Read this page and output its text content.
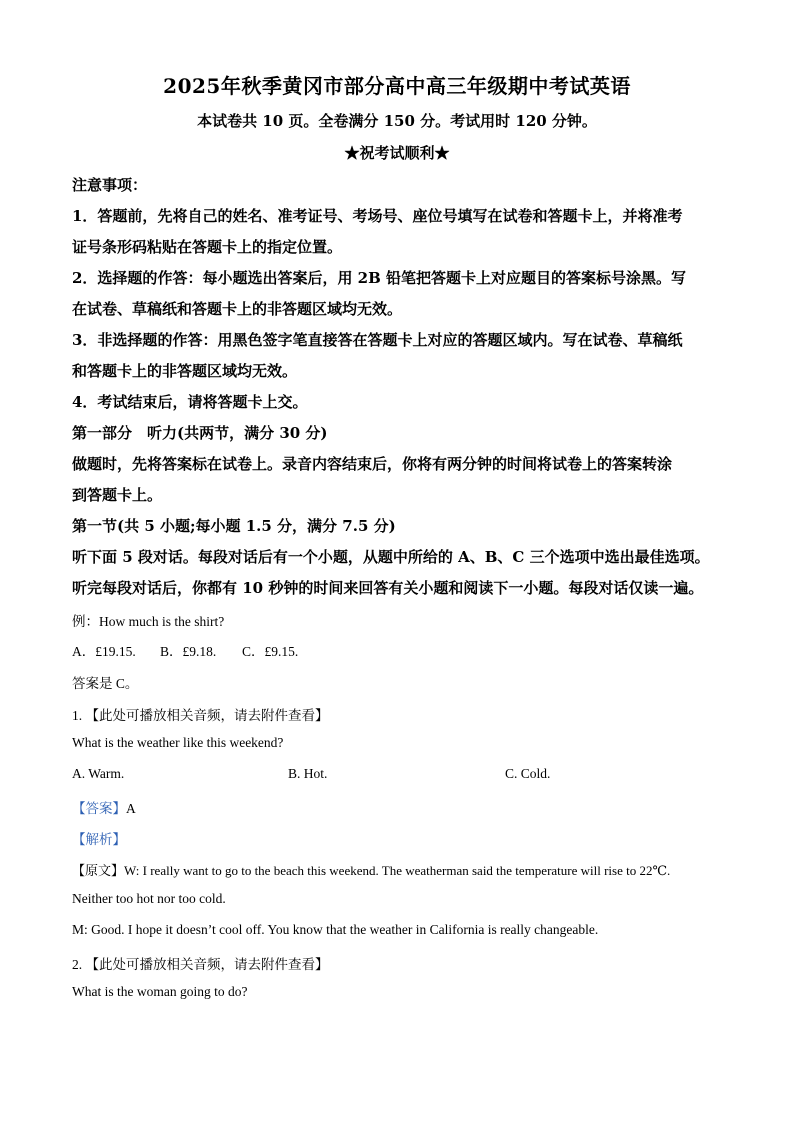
2025年秋季黄冈市部分高中高三年级期中考试英语
本试卷共 10 页。全卷满分 150 分。考试用时 120 分钟。
★祝考试顺利★
注意事项：
1．答题前，先将自己的姓名、准考证号、考场号、座位号填写在试卷和答题卡上，并将准考
证号条形码粘贴在答题卡上的指定位置。
2．选择题的作答：每小题选出答案后，用 2B 铅笔把答题卡上对应题目的答案标号涂黑。写
在试卷、草稿纸和答题卡上的非答题区域均无效。
3．非选择题的作答：用黑色签字笔直接答在答题卡上对应的答题区域内。写在试卷、草稿纸
和答题卡上的非答题区域均无效。
4．考试结束后，请将答题卡上交。
第一部分　听力(共两节，满分 30 分)
做题时，先将答案标在试卷上。录音内容结束后，你将有两分钟的时间将试卷上的答案转涂
到答题卡上。
第一节(共 5 小题;每小题 1.5 分，满分 7.5 分)
听下面 5 段对话。每段对话后有一个小题，从题中所给的 A、B、C 三个选项中选出最佳选项。
听完每段对话后，你都有 10 秒钟的时间来回答有关小题和阅读下一小题。每段对话仅读一遍。
例：How much is the shirt?
A．£19.15. B．£9.18. C．£9.15.
答案是 C。
1. 【此处可播放相关音频，请去附件查看】
What is the weather like this weekend?
A. Warm.	B. Hot.	C. Cold.
【答案】A
【解析】
【原文】W: I really want to go to the beach this weekend. The weatherman said the temperature will rise to 22℃.
Neither too hot nor too cold.
M: Good. I hope it doesn’t cool off. You know that the weather in California is really changeable.
2. 【此处可播放相关音频，请去附件查看】
What is the woman going to do?
